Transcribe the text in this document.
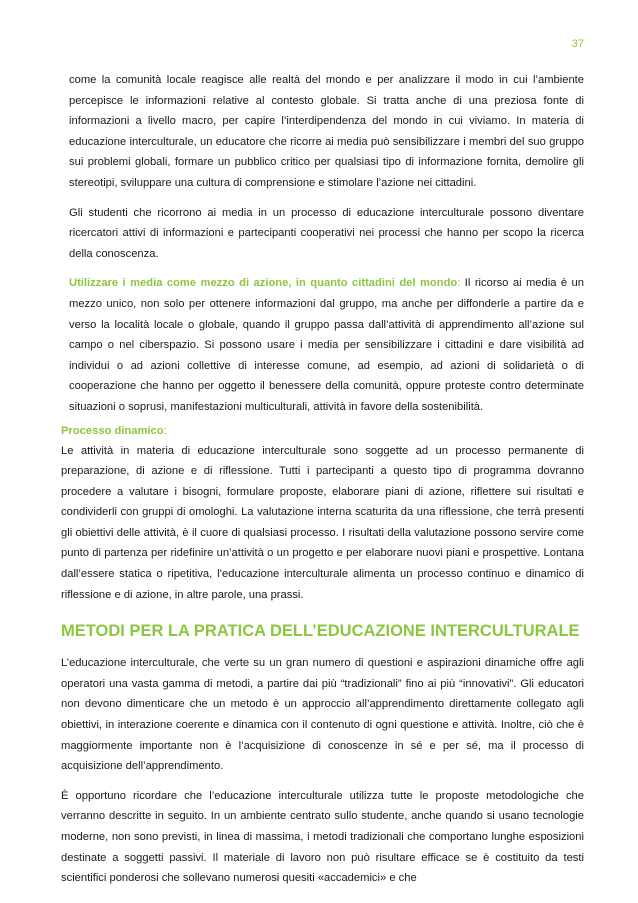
37

come la comunità locale reagisce alle realtà del mondo e per analizzare il modo in cui l’ambiente percepisce le informazioni relative al contesto globale. Si tratta anche di una preziosa fonte di informazioni a livello macro, per capire l’interdipendenza del mondo in cui viviamo. In materia di educazione interculturale, un educatore che ricorre ai media può sensibilizzare i membri del suo gruppo sui problemi globali, formare un pubblico critico per qualsiasi tipo di informazione fornita, demolire gli stereotipi, sviluppare una cultura di comprensione e stimolare l’azione nei cittadini.

Gli studenti che ricorrono ai media in un processo di educazione interculturale possono diventare ricercatori attivi di informazioni e partecipanti cooperativi nei processi che hanno per scopo la ricerca della conoscenza.

Utilizzare i media come mezzo di azione, in quanto cittadini del mondo: Il ricorso ai media è un mezzo unico, non solo per ottenere informazioni dal gruppo, ma anche per diffonderle a partire da e verso la località locale o globale, quando il gruppo passa dall’attività di apprendimento all’azione sul campo o nel ciberspazio. Si possono usare i media per sensibilizzare i cittadini e dare visibilità ad individui o ad azioni collettive di interesse comune, ad esempio, ad azioni di solidarietà o di cooperazione che hanno per oggetto il benessere della comunità, oppure proteste contro determinate situazioni o soprusi, manifestazioni multiculturali, attività in favore della sostenibilità.

Processo dinamico:

Le attività in materia di educazione interculturale sono soggette ad un processo permanente di preparazione, di azione e di riflessione. Tutti i partecipanti a questo tipo di programma dovranno procedere a valutare i bisogni, formulare proposte, elaborare piani di azione, riflettere sui risultati e condividerli con gruppi di omologhi. La valutazione interna scaturita da una riflessione, che terrà presenti gli obiettivi delle attività, è il cuore di qualsiasi processo. I risultati della valutazione possono servire come punto di partenza per ridefinire un’attività o un progetto e per elaborare nuovi piani e prospettive. Lontana dall’essere statica o ripetitiva, l’educazione interculturale alimenta un processo continuo e dinamico di riflessione e di azione, in altre parole, una prassi.

METODI PER LA PRATICA DELL’EDUCAZIONE INTERCULTURALE

L’educazione interculturale, che verte su un gran numero di questioni e aspirazioni dinamiche offre agli operatori una vasta gamma di metodi, a partire dai più “tradizionali” fino ai più “innovativi”. Gli educatori non devono dimenticare che un metodo è un approccio all’apprendimento direttamente collegato agli obiettivi, in interazione coerente e dinamica con il contenuto di ogni questione e attività. Inoltre, ciò che è maggiormente importante non è l’acquisizione di conoscenze in sé e per sé, ma il processo di acquisizione dell’apprendimento.

È opportuno ricordare che l’educazione interculturale utilizza tutte le proposte metodologiche che verranno descritte in seguito. In un ambiente centrato sullo studente, anche quando si usano tecnologie moderne, non sono previsti, in linea di massima, i metodi tradizionali che comportano lunghe esposizioni destinate a soggetti passivi. Il materiale di lavoro non può risultare efficace se è costituito da testi scientifici ponderosi che sollevano numerosi quesiti «accademici» e che
